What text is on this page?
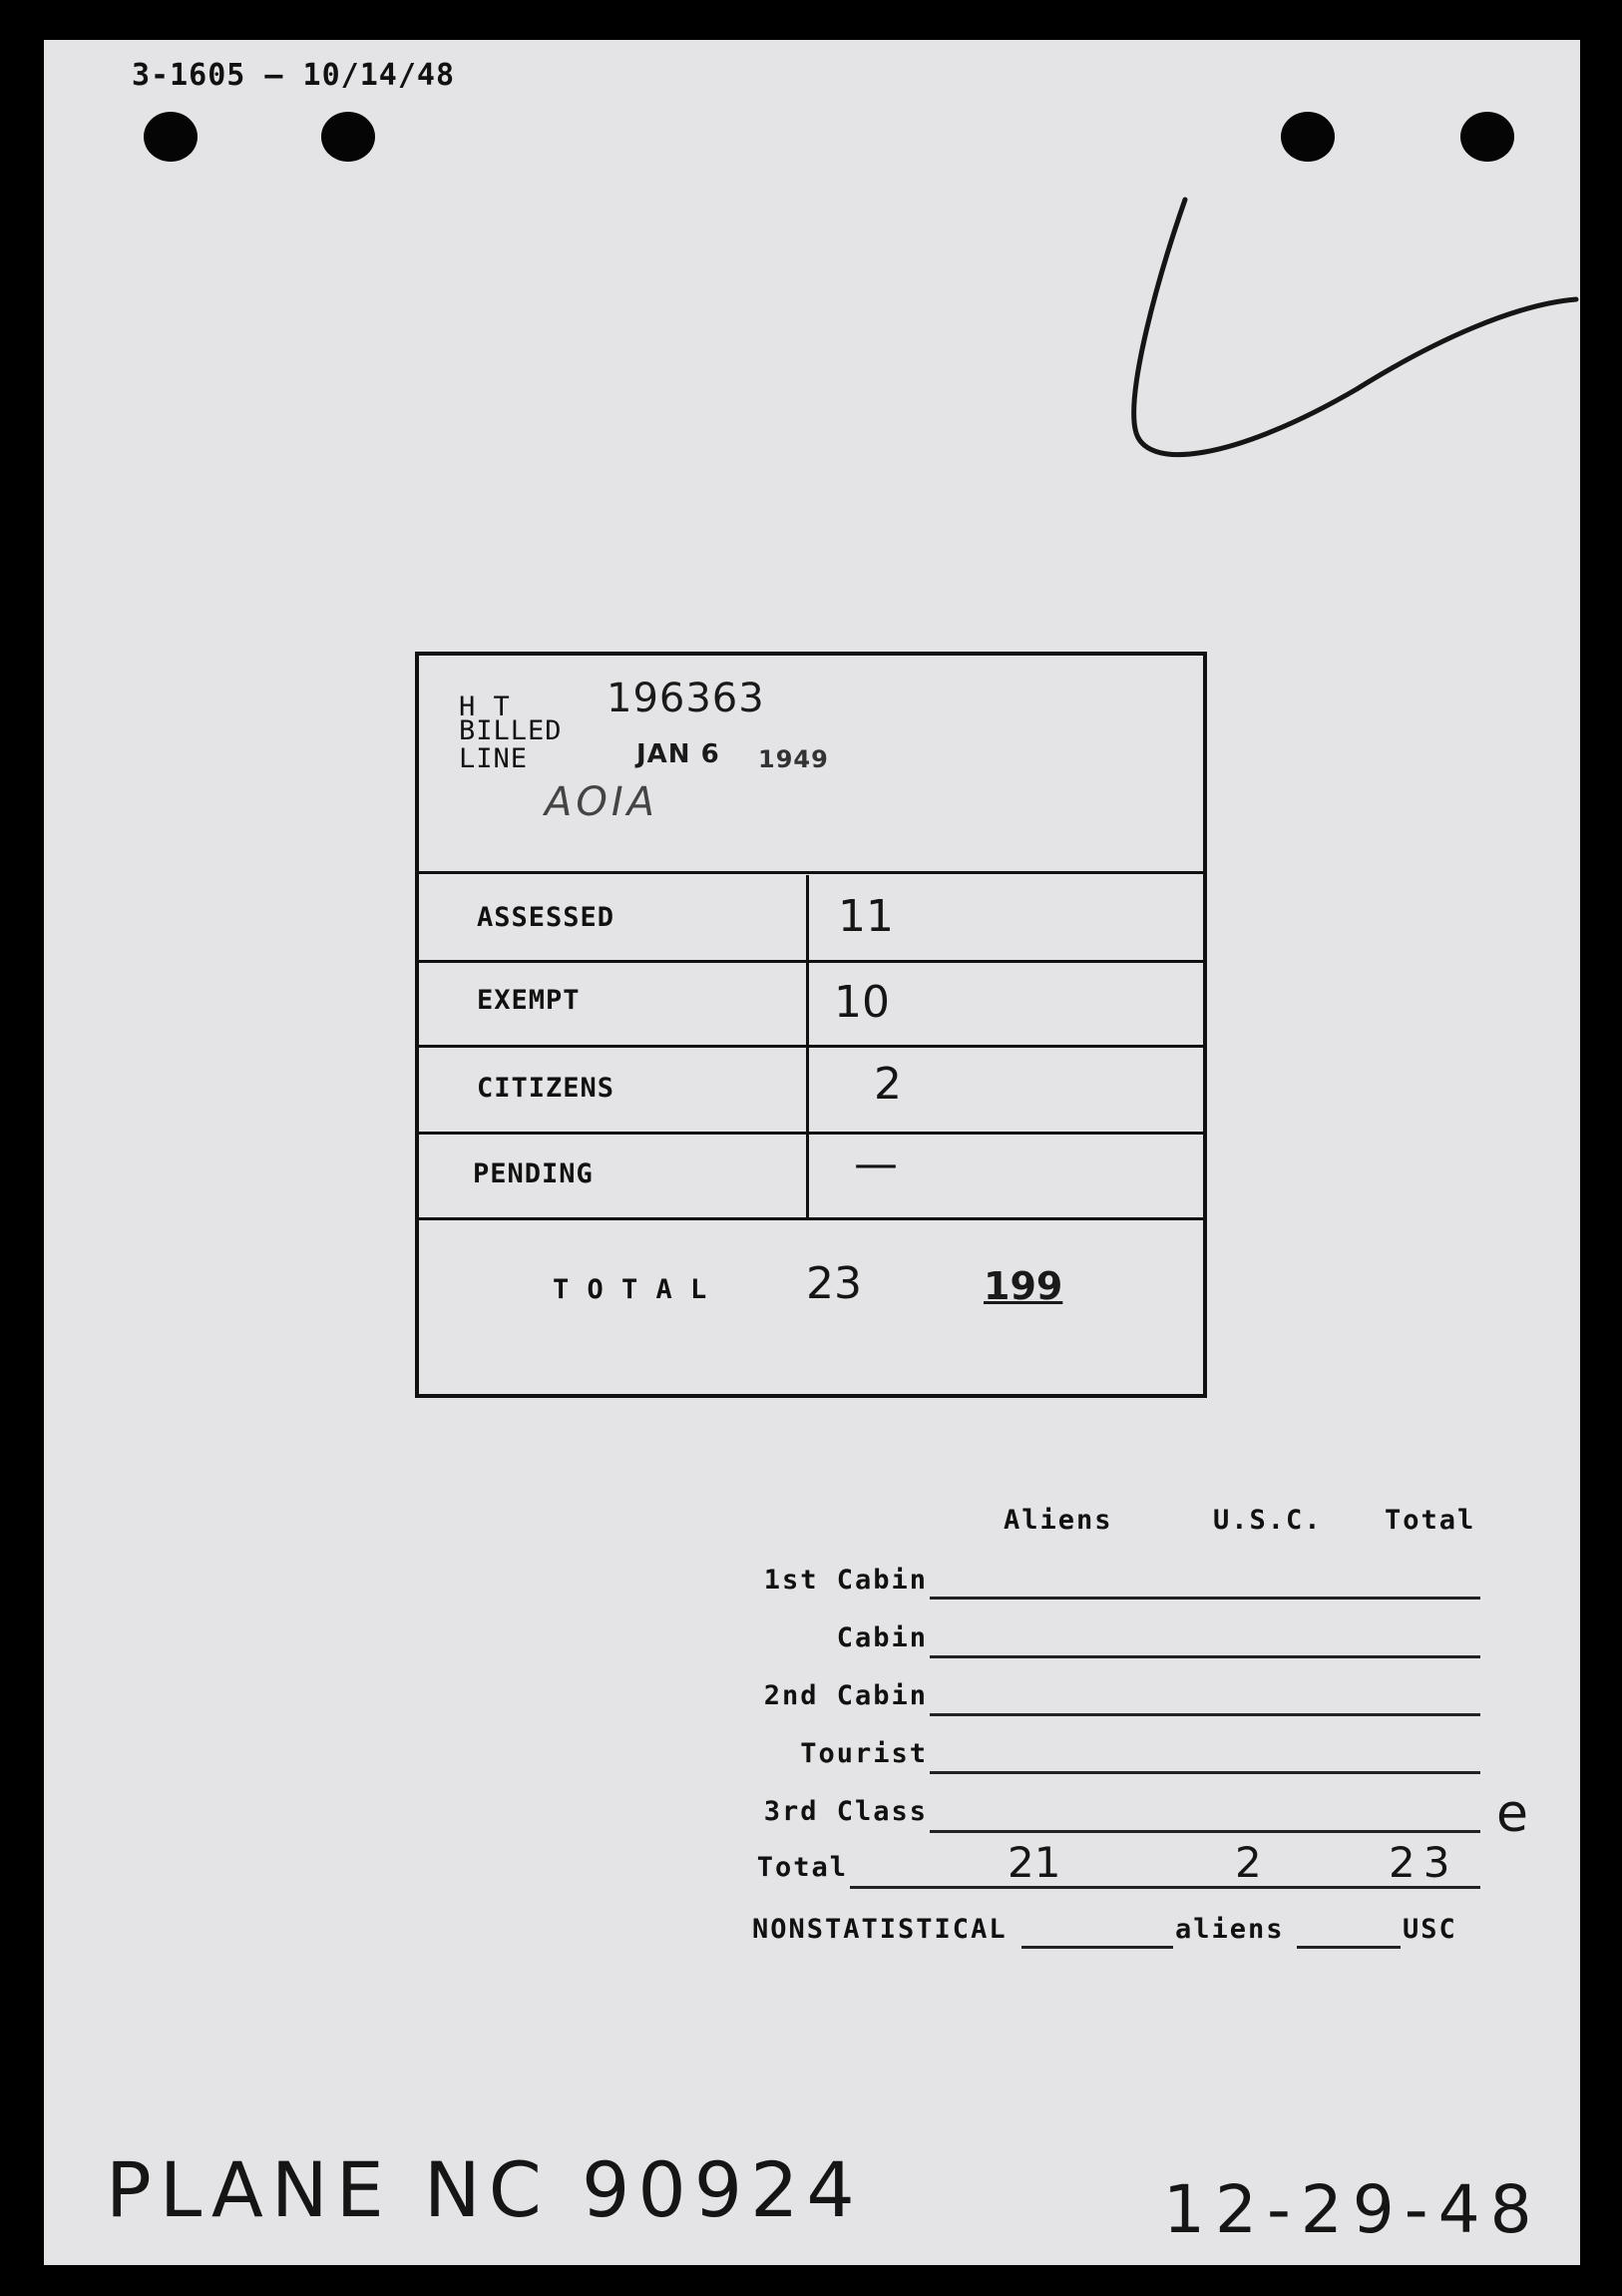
3-1605 — 10/14/48
H T
BILLED
LINE
196363
JAN 6 1949
AOIA
ASSESSED	11
EXEMPT	10
CITIZENS	2
PENDING	—
T O T A L 23	199
Aliens	U.S.C. Total
1st Cabin
Cabin
2nd Cabin
Tourist
3rd Class	e
Total	21	2	23
NONSTATISTICAL	aliens	USC
PLANE NC 90924	12-29-48
